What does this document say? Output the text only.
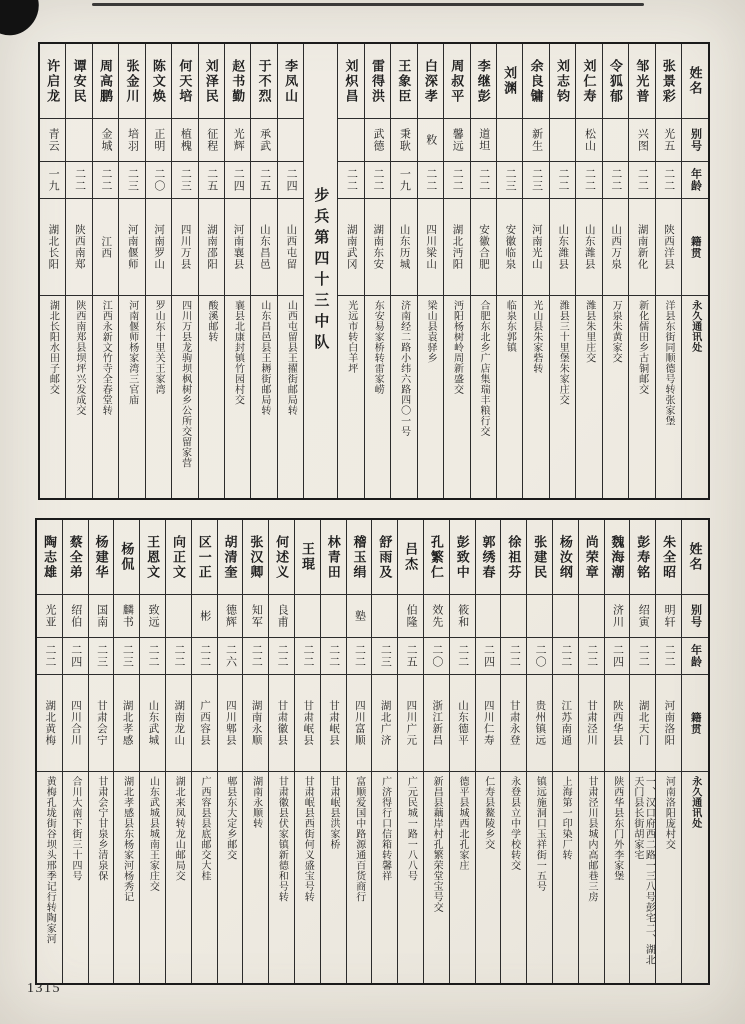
姓名
别号
年龄
籍贯
永久通讯处
张景彩
光五
二二
陕西洋县
洋县东街同顺德号转张家堡
邹光普
兴图
二二
湖南新化
新化儒田乡古铜邮交
令狐郁
二二
山西万泉
万泉朱黄家交
刘仁寿
松山
二二
山东潍县
潍县朱里庄交
刘志钧
二二
山东潍县
潍县三十里堡朱家庄交
余良镛
新生
二三
河南光山
光山县朱家砦转
刘渊
二三
安徽临泉
临泉东郭镇
李继彭
道坦
二二
安徽合肥
合肥东北乡广店集瑞丰粮行交
周叔平
馨远
二二
湖北沔阳
沔阳杨树岭周新盛交
白深孝
敉
二二
四川梁山
梁山县袁驿乡
王象臣
秉耿
一九
山东历城
济南经二路小纬六路四〇一号
雷得洪
武德
二二
湖南东安
东安易家桥转雷家崂
刘炽昌
二二
湖南武冈
光远市转白羊坪
步兵第四十三中队
李凤山
二四
山西屯留
山西屯留县王擢街邮局转
于不烈
承武
二五
山东昌邑
山东昌邑县王耨街邮局转
赵书勤
光辉
二四
河南襄县
襄县北康封镇竹园村交
刘泽民
征程
二五
湖南邵阳
酸溪邮转
何天培
植槐
二三
四川万县
四川万县龙驹坝枫树乡公所交留家营
陈文焕
正明
二〇
河南罗山
罗山东十里关王家湾
张金川
培羽
二三
河南偃师
河南偃师杨家湾三官庙
周高鹏
金城
二二
江西
江西永新文竹寺全春堂转
谭安民
二二
陕西南郑
陕西南郑县坝坪兴发成交
许启龙
青云
一九
湖北长阳
湖北长阳水田子邮交
姓名
别号
年龄
籍贯
永久通讯处
朱全昭
明轩
二二
河南洛阳
河南洛阳庞村交
彭寿铭
绍寅
二二
湖北天门
一、汉口府西二路一三八号彭宅二、湖北天门县长街胡家宅
魏海潮
济川
二四
陕西华县
陕西华县东门外李家堡
尚荣章
二二
甘肃泾川
甘肃泾川县城内高邮巷三房
杨汝纲
二二
江苏南通
上海第一印染厂转
张建民
二〇
贵州镇远
镇远施洞口玉祥街一五号
徐祖芬
二二
甘肃永登
永登县立中学校转交
郭绣春
二四
四川仁寿
仁寿县鳌陵乡交
彭致中
筱和
二二
山东德平
德平县城西北孔家庄
孔繁仁
效先
二〇
浙江新昌
新昌县藕岸村孔繁荣堂宝号交
吕杰
伯隆
二五
四川广元
广元民城一路一八八号
舒雨及
二三
湖北广济
广济得行口信箱转馨祥
稽玉绢
塾
二二
四川富顺
富顺爱国中路源通百货商行
林青田
二二
甘肃岷县
甘肃岷县洪家桥
王琨
二二
甘肃岷县
甘肃岷县西街何义盛宝号转
何述义
良甫
二二
甘肃徽县
甘肃徽县伏家镇新德和号转
张汉卿
知军
二二
湖南永顺
湖南永顺转
胡清奎
德辉
二六
四川郫县
郫县东大定乡邮交
区一正
彬
二二
广西容县
广西容县县底邮交大桂
向正文
二二
湖南龙山
湖北来凤转龙山邮局交
王恩文
致远
二二
山东武城
山东武城县城南王家庄交
杨侃
麟书
二三
湖北孝感
湖北孝感县东杨家河杨秀记
杨建华
国南
二三
甘肃会宁
甘肃会宁甘泉乡清泉保
蔡全弟
绍伯
二四
四川合川
合川大南下街三十四号
陶志雄
光亚
二二
湖北黄梅
黄梅孔垅街谷坝头邢季记行转陶家河
1315
